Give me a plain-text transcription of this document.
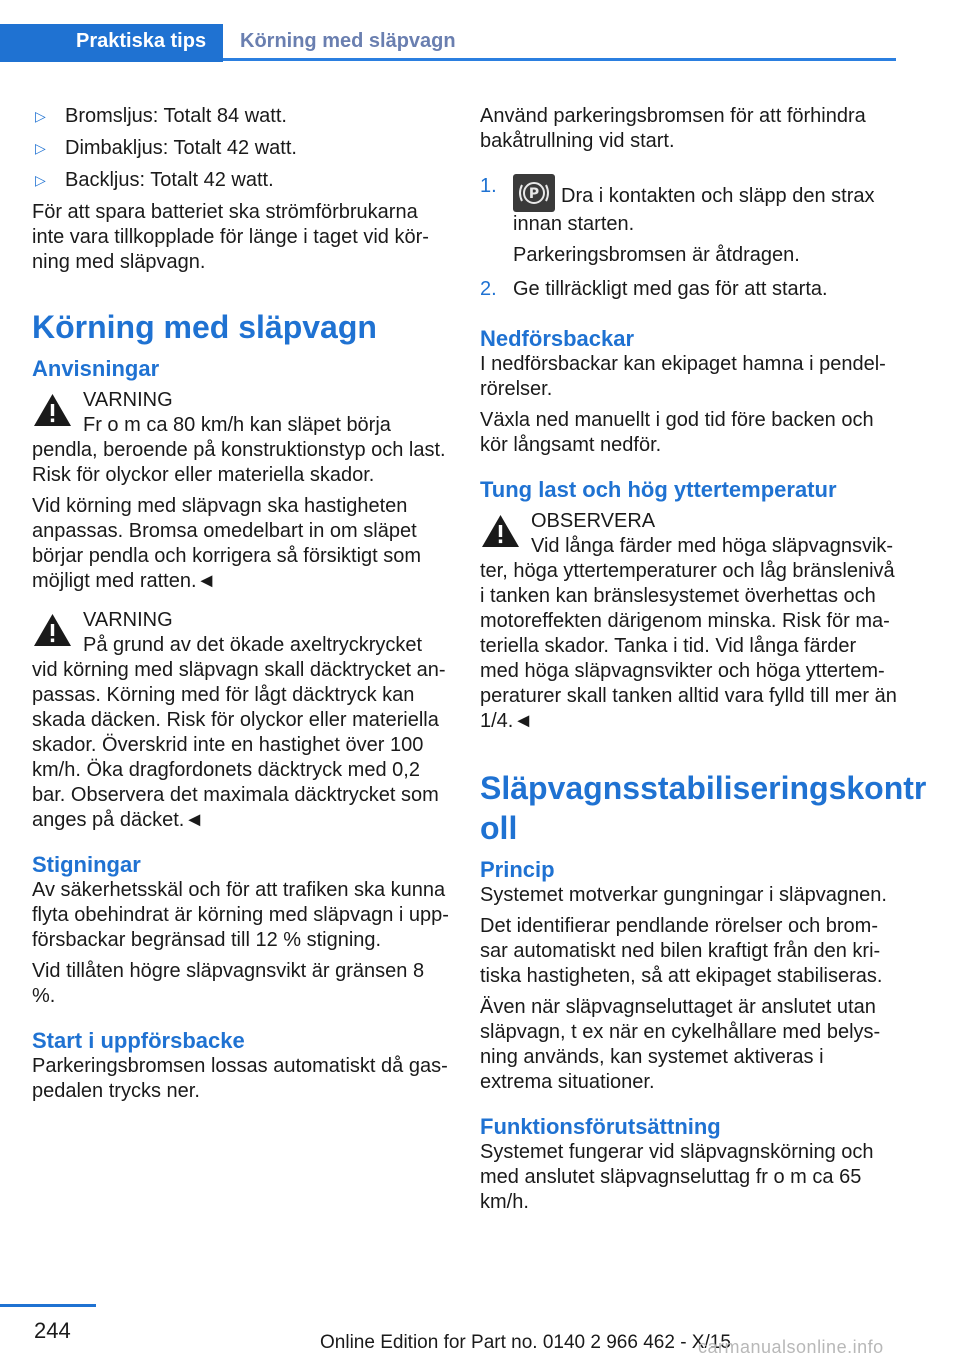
Praktiska tips	Körning med släpvagn
▷ Bromsljus: Totalt 84 watt.
▷ Dimbakljus: Totalt 42 watt.
▷ Backljus: Totalt 42 watt.

För att spara batteriet ska strömförbrukarna inte vara tillkopplade för länge i taget vid körning med släpvagn.

Körning med släpvagn
Anvisningar
VARNING
Fr o m ca 80 km/h kan släpet börja pendla, beroende på konstruktionstyp och last. Risk för olyckor eller materiella skador.

Vid körning med släpvagn ska hastigheten anpassas. Bromsa omedelbart in om släpet börjar pendla och korrigera så försiktigt som möjligt med ratten.◄

VARNING
På grund av det ökade axeltryckrycket vid körning med släpvagn skall däcktrycket anpassas. Körning med för lågt däcktryck kan skada däcken. Risk för olyckor eller materiella skador. Överskrid inte en hastighet över 100 km/h. Öka dragfordonets däcktryck med 0,2 bar. Observera det maximala däcktrycket som anges på däcket.◄
Stigningar

Av säkerhetsskäl och för att trafiken ska kunna flyta obehindrat är körning med släpvagn i uppförsbackar begränsad till 12 % stigning.

Vid tillåten högre släpvagnsvikt är gränsen 8 %.

Start i uppförsbacke

Parkeringsbromsen lossas automatiskt då gaspedalen trycks ner.

Använd parkeringsbromsen för att förhindra bakåtrullning vid start.

1. P Dra i kontakten och släpp den strax innan starten.
Parkeringsbromsen är åtdragen.
2. Ge tillräckligt med gas för att starta.
Nedförsbackar

I nedförsbackar kan ekipaget hamna i pendelrörelser.

Växla ned manuellt i god tid före backen och kör långsamt nedför.

Tung last och hög yttertemperatur
OBSERVERA
Vid långa färder med höga släpvagnsvikter, höga yttertemperaturer och låg bränslenivå i tanken kan bränslesystemet överhettas och motoreffekten därigenom minska. Risk för materiella skador. Tanka i tid. Vid långa färder med höga släpvagnsvikter och höga yttertemperaturer skall tanken alltid vara fylld till mer än 1/4.◄
Släpvagnsstabiliseringskontr oll
Princip

Systemet motverkar gungningar i släpvagnen.

Det identifierar pendlande rörelser och bromsar automatiskt ned bilen kraftigt från den kritiska hastigheten, så att ekipaget stabiliseras.

Även när släpvagnseluttaget är anslutet utan släpvagn, t ex när en cykelhållare med belysning används, kan systemet aktiveras i extrema situationer.

Funktionsförutsättning

Systemet fungerar vid släpvagnskörning och med anslutet släpvagnseluttag fr o m ca 65 km/h.

244	Online Edition for Part no. 0140 2 966 462 - X/15
carmanualsonline.info
